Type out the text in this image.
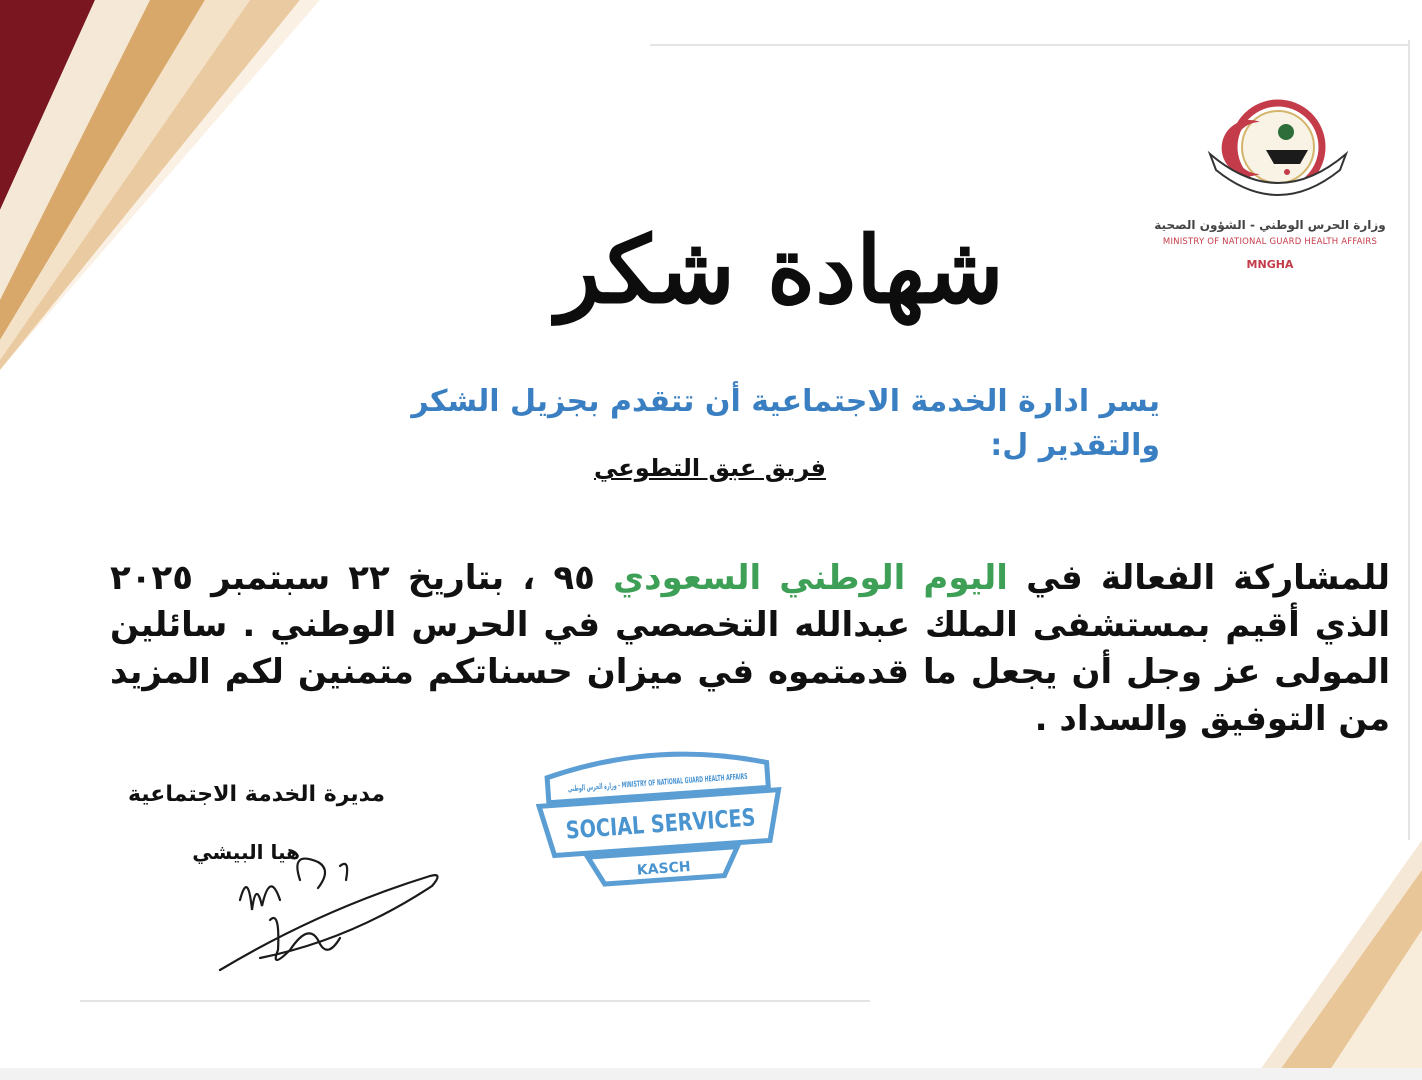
وزارة الحرس الوطني - الشؤون الصحية
MINISTRY OF NATIONAL GUARD HEALTH AFFAIRS
MNGHA
شهادة شكر
يسر ادارة الخدمة الاجتماعية أن تتقدم بجزيل الشكر والتقدير ل:
فريق عبق التطوعي
للمشاركة الفعالة في اليوم الوطني السعودي ٩٥ ، بتاريخ ٢٢ سبتمبر ٢٠٢٥ الذي أقيم بمستشفى الملك عبدالله التخصصي في الحرس الوطني . سائلين المولى عز وجل أن يجعل ما قدمتموه في ميزان حسناتكم متمنين لكم المزيد من التوفيق والسداد .
وزارة الحرس الوطني - MINISTRY OF NATIONAL GUARD HEALTH AFFAIRS
SOCIAL SERVICES
KASCH
مديرة الخدمة الاجتماعية
هيا البيشي
